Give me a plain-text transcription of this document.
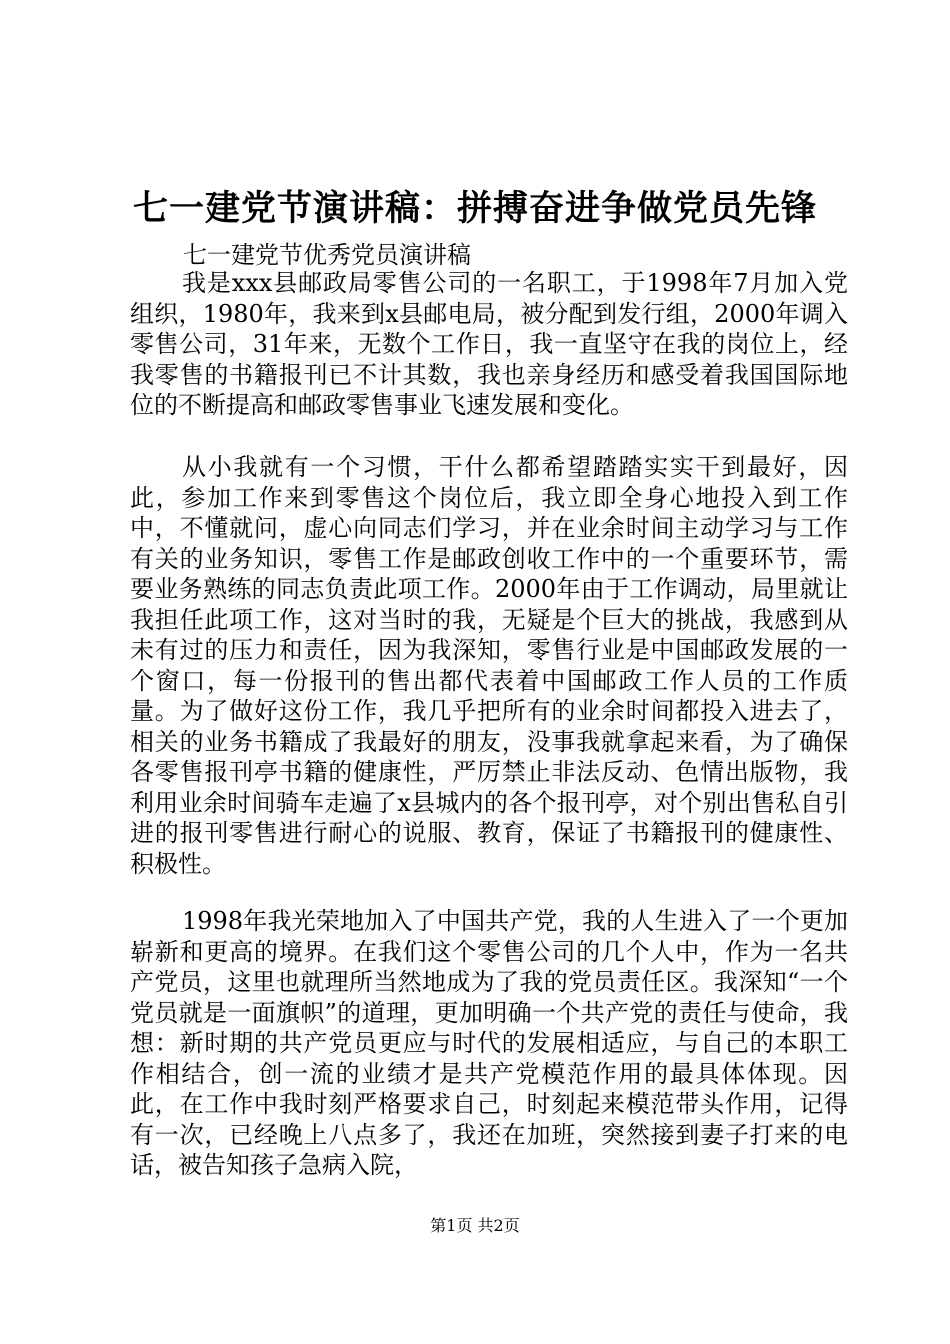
七一建党节演讲稿：拼搏奋进争做党员先锋
七一建党节优秀党员演讲稿

我是xxx县邮政局零售公司的一名职工，于1998年7月加入党组织，1980年，我来到x县邮电局，被分配到发行组，2000年调入零售公司，31年来，无数个工作日，我一直坚守在我的岗位上，经我零售的书籍报刊已不计其数，我也亲身经历和感受着我国国际地位的不断提高和邮政零售事业飞速发展和变化。

从小我就有一个习惯，干什么都希望踏踏实实干到最好，因此，参加工作来到零售这个岗位后，我立即全身心地投入到工作中，不懂就问，虚心向同志们学习，并在业余时间主动学习与工作有关的业务知识，零售工作是邮政创收工作中的一个重要环节，需要业务熟练的同志负责此项工作。2000年由于工作调动，局里就让我担任此项工作，这对当时的我，无疑是个巨大的挑战，我感到从未有过的压力和责任，因为我深知，零售行业是中国邮政发展的一个窗口，每一份报刊的售出都代表着中国邮政工作人员的工作质量。为了做好这份工作，我几乎把所有的业余时间都投入进去了，相关的业务书籍成了我最好的朋友，没事我就拿起来看，为了确保各零售报刊亭书籍的健康性，严厉禁止非法反动、色情出版物，我利用业余时间骑车走遍了x县城内的各个报刊亭，对个别出售私自引进的报刊零售进行耐心的说服、教育，保证了书籍报刊的健康性、积极性。

1998年我光荣地加入了中国共产党，我的人生进入了一个更加崭新和更高的境界。在我们这个零售公司的几个人中，作为一名共产党员，这里也就理所当然地成为了我的党员责任区。我深知“一个党员就是一面旗帜”的道理，更加明确一个共产党的责任与使命，我想：新时期的共产党员更应与时代的发展相适应，与自己的本职工作相结合，创一流的业绩才是共产党模范作用的最具体体现。因此，在工作中我时刻严格要求自己，时刻起来模范带头作用，记得有一次，已经晚上八点多了，我还在加班，突然接到妻子打来的电话，被告知孩子急病入院，

第1页 共2页
